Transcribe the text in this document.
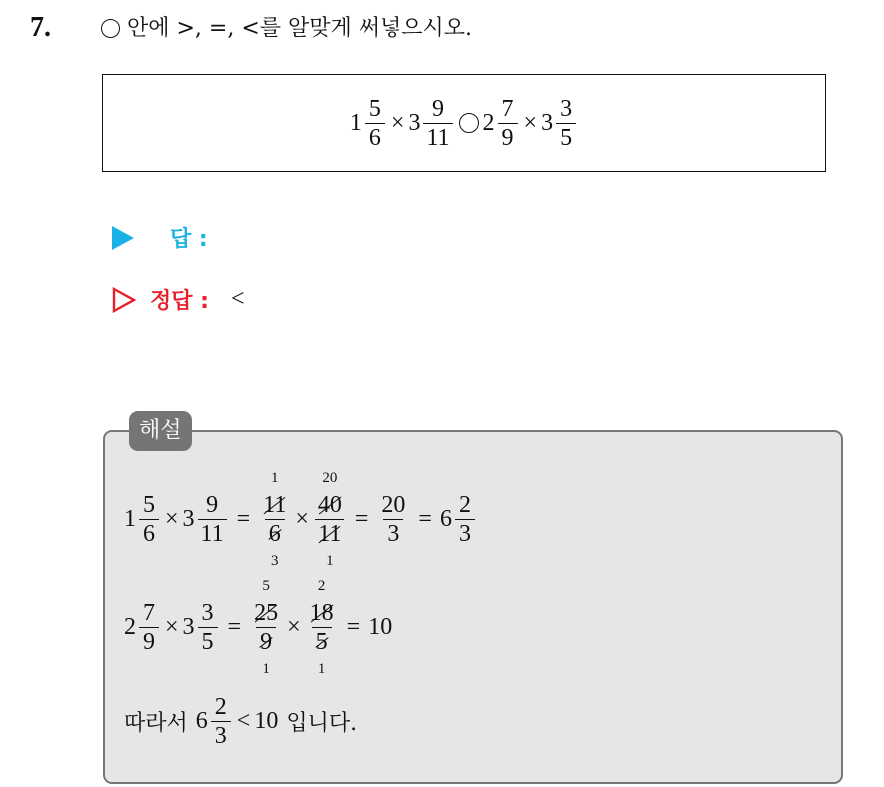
7.	안에 >, =, <를 알맞게 써넣으시오.
$1 \frac{5}{6} \times 3 \frac{9}{11} 2 \frac{7}{9} \times 3 \frac{3}{5}$
답 :
정답 : <
해설
$1 \frac{5}{6} \times 3 \frac{9}{11} = 1$
11
6
3 × 20
40
11
$1 = \frac{20}{3} = 6 \frac{2}{3}$
$2 \frac{7}{9} \times 3 \frac{3}{5} = 5$
25
9
1 × 2
18
5
1 = 10
따라서 $6 \frac{2}{3} < 10$ 입니다.
